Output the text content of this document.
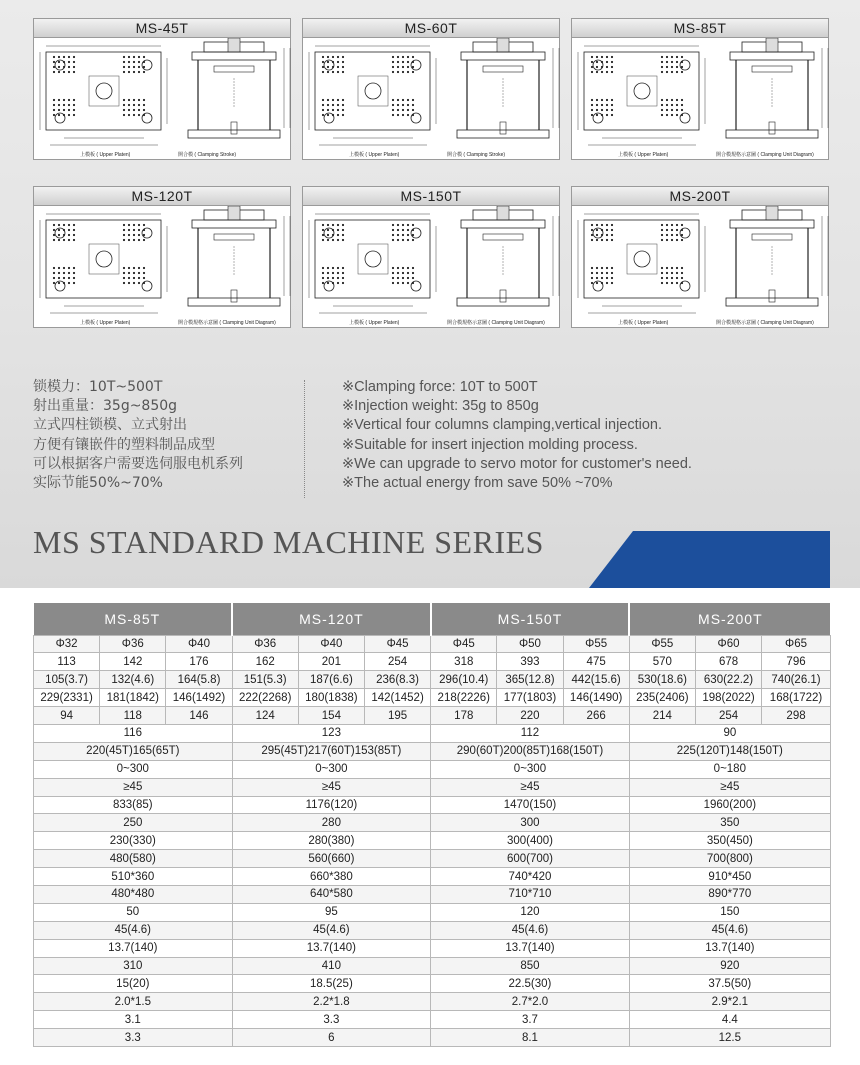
MS-45T
上模板 ( Upper Platen)	開合模 ( Clamping Stroke)
MS-60T
上模板 ( Upper Platen)	開合模 ( Clamping Stroke)
MS-85T
上模板 ( Upper Platen)	開合模規格示意圖 ( Clamping Unit Diagram)
MS-120T
上模板 ( Upper Platen)	開合模規格示意圖 ( Clamping Unit Diagram)
MS-150T
上模板 ( Upper Platen)	開合模規格示意圖 ( Clamping Unit Diagram)
MS-200T
上模板 ( Upper Platen)	開合模規格示意圖 ( Clamping Unit Diagram)
锁模力：10T~500T
射出重量：35g~850g
立式四柱锁模、立式射出
方便有镶嵌件的塑料制品成型
可以根据客户需要选伺服电机系列
实际节能50%~70%
※Clamping force: 10T to 500T
※Injection weight: 35g to 850g
※Vertical four columns clamping,vertical injection.
※Suitable for insert injection molding process.
※We can upgrade to servo motor for customer's need.
※The actual energy from save 50% ~70%
MS STANDARD MACHINE SERIES
MS-85T			MS-120T			MS-150T			MS-200T		
Φ32	Φ36	Φ40	Φ36	Φ40	Φ45	Φ45	Φ50	Φ55	Φ55	Φ60	Φ65
113	142	176	162	201	254	318	393	475	570	678	796
105(3.7)	132(4.6)	164(5.8)	151(5.3)	187(6.6)	236(8.3)	296(10.4)	365(12.8)	442(15.6)	530(18.6)	630(22.2)	740(26.1)
229(2331)	181(1842)	146(1492)	222(2268)	180(1838)	142(1452)	218(2226)	177(1803)	146(1490)	235(2406)	198(2022)	168(1722)
94	118	146	124	154	195	178	220	266	214	254	298
116			123			112			90		
220(45T)165(65T)			295(45T)217(60T)153(85T)			290(60T)200(85T)168(150T)			225(120T)148(150T)		
0~300			0~300			0~300			0~180		
≥45			≥45			≥45			≥45		
833(85)			1176(120)			1470(150)			1960(200)		
250			280			300			350		
230(330)			280(380)			300(400)			350(450)		
480(580)			560(660)			600(700)			700(800)		
510*360			660*380			740*420			910*450		
480*480			640*580			710*710			890*770		
50			95			120			150		
45(4.6)			45(4.6)			45(4.6)			45(4.6)		
13.7(140)			13.7(140)			13.7(140)			13.7(140)		
310			410			850			920		
15(20)			18.5(25)			22.5(30)			37.5(50)		
2.0*1.5			2.2*1.8			2.7*2.0			2.9*2.1		
3.1			3.3			3.7			4.4		
3.3			6			8.1			12.5		
